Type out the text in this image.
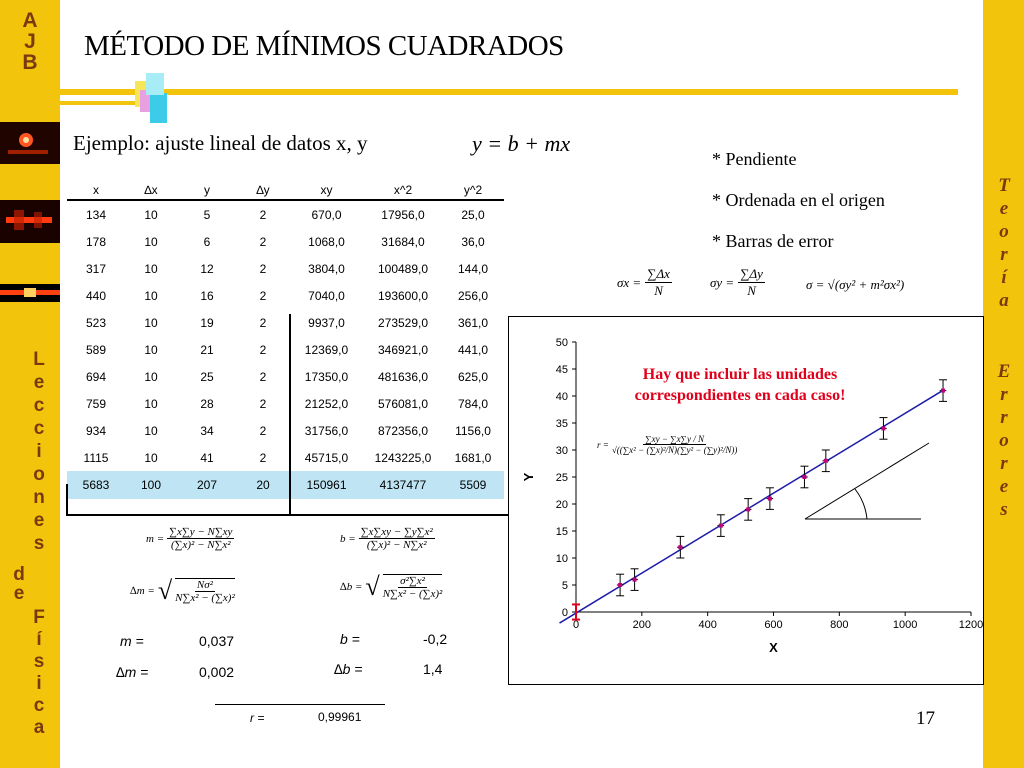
A
J
B
L
e
c
c
i
o
n
e
s
d
e
F
í
s
i
c
a
T
e
o
r
í
a
E
r
r
o
r
e
s
MÉTODO DE MÍNIMOS CUADRADOS
Ejemplo: ajuste lineal de datos x, y	y = b + mx
* Pendiente
* Ordenada en el origen
* Barras de error
$\sigma x = \frac{\sum\Delta x}{N}$	$\sigma y = \frac{\sum\Delta y}{N}$	σ = √(σy² + m²σx²)
x	∆x	y	∆y	xy	x^2	y^2
134	10	5	2	670,0	17956,0	25,0
178	10	6	2	1068,0	31684,0	36,0
317	10	12	2	3804,0	100489,0	144,0
440	10	16	2	7040,0	193600,0	256,0
523	10	19	2	9937,0	273529,0	361,0
589	10	21	2	12369,0	346921,0	441,0
694	10	25	2	17350,0	481636,0	625,0
759	10	28	2	21252,0	576081,0	784,0
934	10	34	2	31756,0	872356,0	1156,0
1115	10	41	2	45715,0	1243225,0	1681,0
5683	100	207	20	150961	4137477	5509
$m = \frac{\sum x\sum y - N\sum xy}{\text{(∑x)² − N∑x²}}$	$b = \frac{\text{∑x∑xy − ∑y∑x²}}{\text{(∑x)² − N∑x²}}$
∆m = √ $\frac{\text{Nσ²}}{\text{N∑x² − (∑x)²}}$	∆b = √ $\frac{\text{σ²∑x²}}{\text{N∑x² − (∑x)²}}$
m =	0,037
∆m =	0,002
b =	-0,2
∆b =	1,4
r =	0,99961	17
0
5
10
15
20
25
30
35
40
45
50
0	200	400	600	800	1000	1200
X
Y
$r = \frac{\sum xy - \sum x\sum y / N}{\text{√((∑x² − (∑x)²/N)(∑y² − (∑y)²/N))}}$
Hay que incluir las unidades
correspondientes en cada caso!
